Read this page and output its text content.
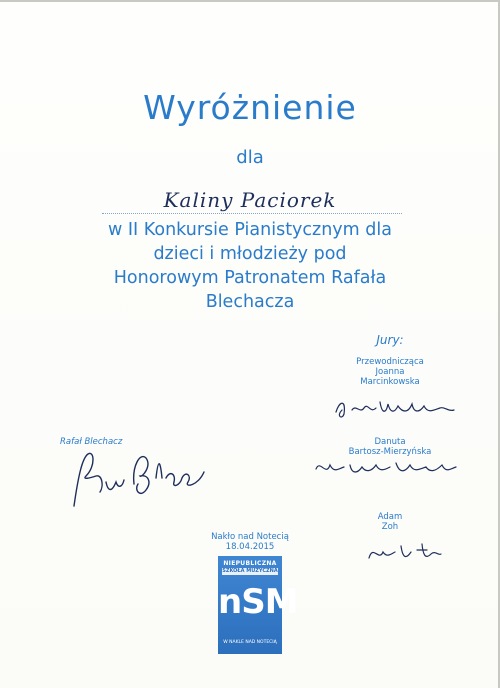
Wyróżnienie
dla
Kaliny Paciorek
w II Konkursie Pianistycznym dla
dzieci i młodzieży pod
Honorowym Patronatem Rafała
Blechacza
Jury:
Przewodnicząca
Joanna
Marcinkowska
Danuta
Bartosz-Mierzyńska
Adam
Zoh
Rafał Blechacz
Nakło nad Notecią
18.04.2015
NIEPUBLICZNA
SZKOŁA MUZYCZNA
nSM
W NAKLE NAD NOTECIĄ
